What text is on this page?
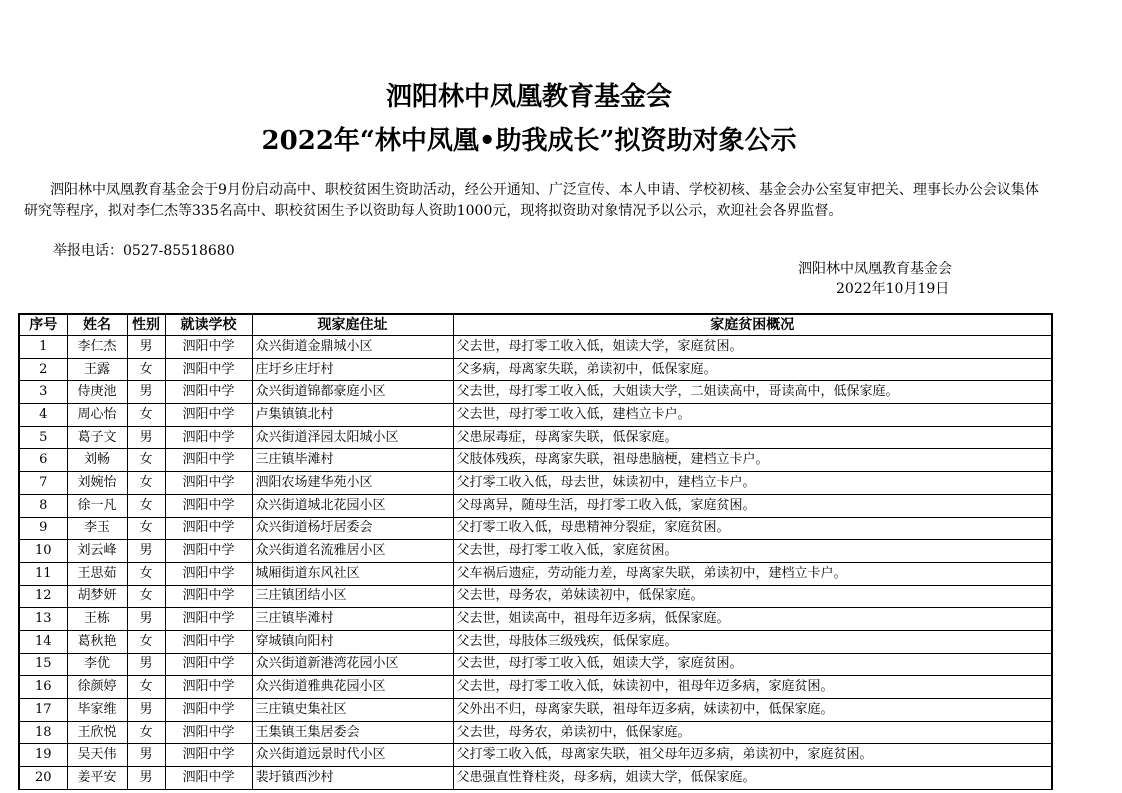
泗阳林中凤凰教育基金会
2022年“林中凤凰•助我成长”拟资助对象公示

泗阳林中凤凰教育基金会于9月份启动高中、职校贫困生资助活动，经公开通知、广泛宣传、本人申请、学校初核、基金会办公室复审把关、理事长办公会议集体研究等程序，拟对李仁杰等335名高中、职校贫困生予以资助每人资助1000元，现将拟资助对象情况予以公示，欢迎社会各界监督。

举报电话：0527-85518680
泗阳林中凤凰教育基金会
2022年10月19日
序号	姓名	性别	就读学校	现家庭住址	家庭贫困概况
1	李仁杰	男	泗阳中学	众兴街道金鼎城小区	父去世，母打零工收入低，姐读大学，家庭贫困。
2	王露	女	泗阳中学	庄圩乡庄圩村	父多病，母离家失联，弟读初中，低保家庭。
3	侍庚池	男	泗阳中学	众兴街道锦都豪庭小区	父去世，母打零工收入低，大姐读大学，二姐读高中，哥读高中，低保家庭。
4	周心怡	女	泗阳中学	卢集镇镇北村	父去世，母打零工收入低，建档立卡户。
5	葛子文	男	泗阳中学	众兴街道泽园太阳城小区	父患尿毒症，母离家失联，低保家庭。
6	刘畅	女	泗阳中学	三庄镇毕滩村	父肢体残疾，母离家失联，祖母患脑梗，建档立卡户。
7	刘婉怡	女	泗阳中学	泗阳农场建华苑小区	父打零工收入低，母去世，妹读初中，建档立卡户。
8	徐一凡	女	泗阳中学	众兴街道城北花园小区	父母离异，随母生活，母打零工收入低，家庭贫困。
9	李玉	女	泗阳中学	众兴街道杨圩居委会	父打零工收入低，母患精神分裂症，家庭贫困。
10	刘云峰	男	泗阳中学	众兴街道名流雅居小区	父去世，母打零工收入低，家庭贫困。
11	王思茹	女	泗阳中学	城厢街道东风社区	父车祸后遗症，劳动能力差，母离家失联，弟读初中，建档立卡户。
12	胡梦妍	女	泗阳中学	三庄镇团结小区	父去世，母务农，弟妹读初中，低保家庭。
13	王栋	男	泗阳中学	三庄镇毕滩村	父去世，姐读高中，祖母年迈多病，低保家庭。
14	葛秋艳	女	泗阳中学	穿城镇向阳村	父去世，母肢体三级残疾，低保家庭。
15	李优	男	泗阳中学	众兴街道新港湾花园小区	父去世，母打零工收入低，姐读大学，家庭贫困。
16	徐颜婷	女	泗阳中学	众兴街道雅典花园小区	父去世，母打零工收入低，妹读初中，祖母年迈多病，家庭贫困。
17	毕家维	男	泗阳中学	三庄镇史集社区	父外出不归，母离家失联，祖母年迈多病，妹读初中，低保家庭。
18	王欣悦	女	泗阳中学	王集镇王集居委会	父去世，母务农，弟读初中，低保家庭。
19	吴天伟	男	泗阳中学	众兴街道远景时代小区	父打零工收入低，母离家失联，祖父母年迈多病，弟读初中，家庭贫困。
20	姜平安	男	泗阳中学	裴圩镇西沙村	父患强直性脊柱炎，母多病，姐读大学，低保家庭。
